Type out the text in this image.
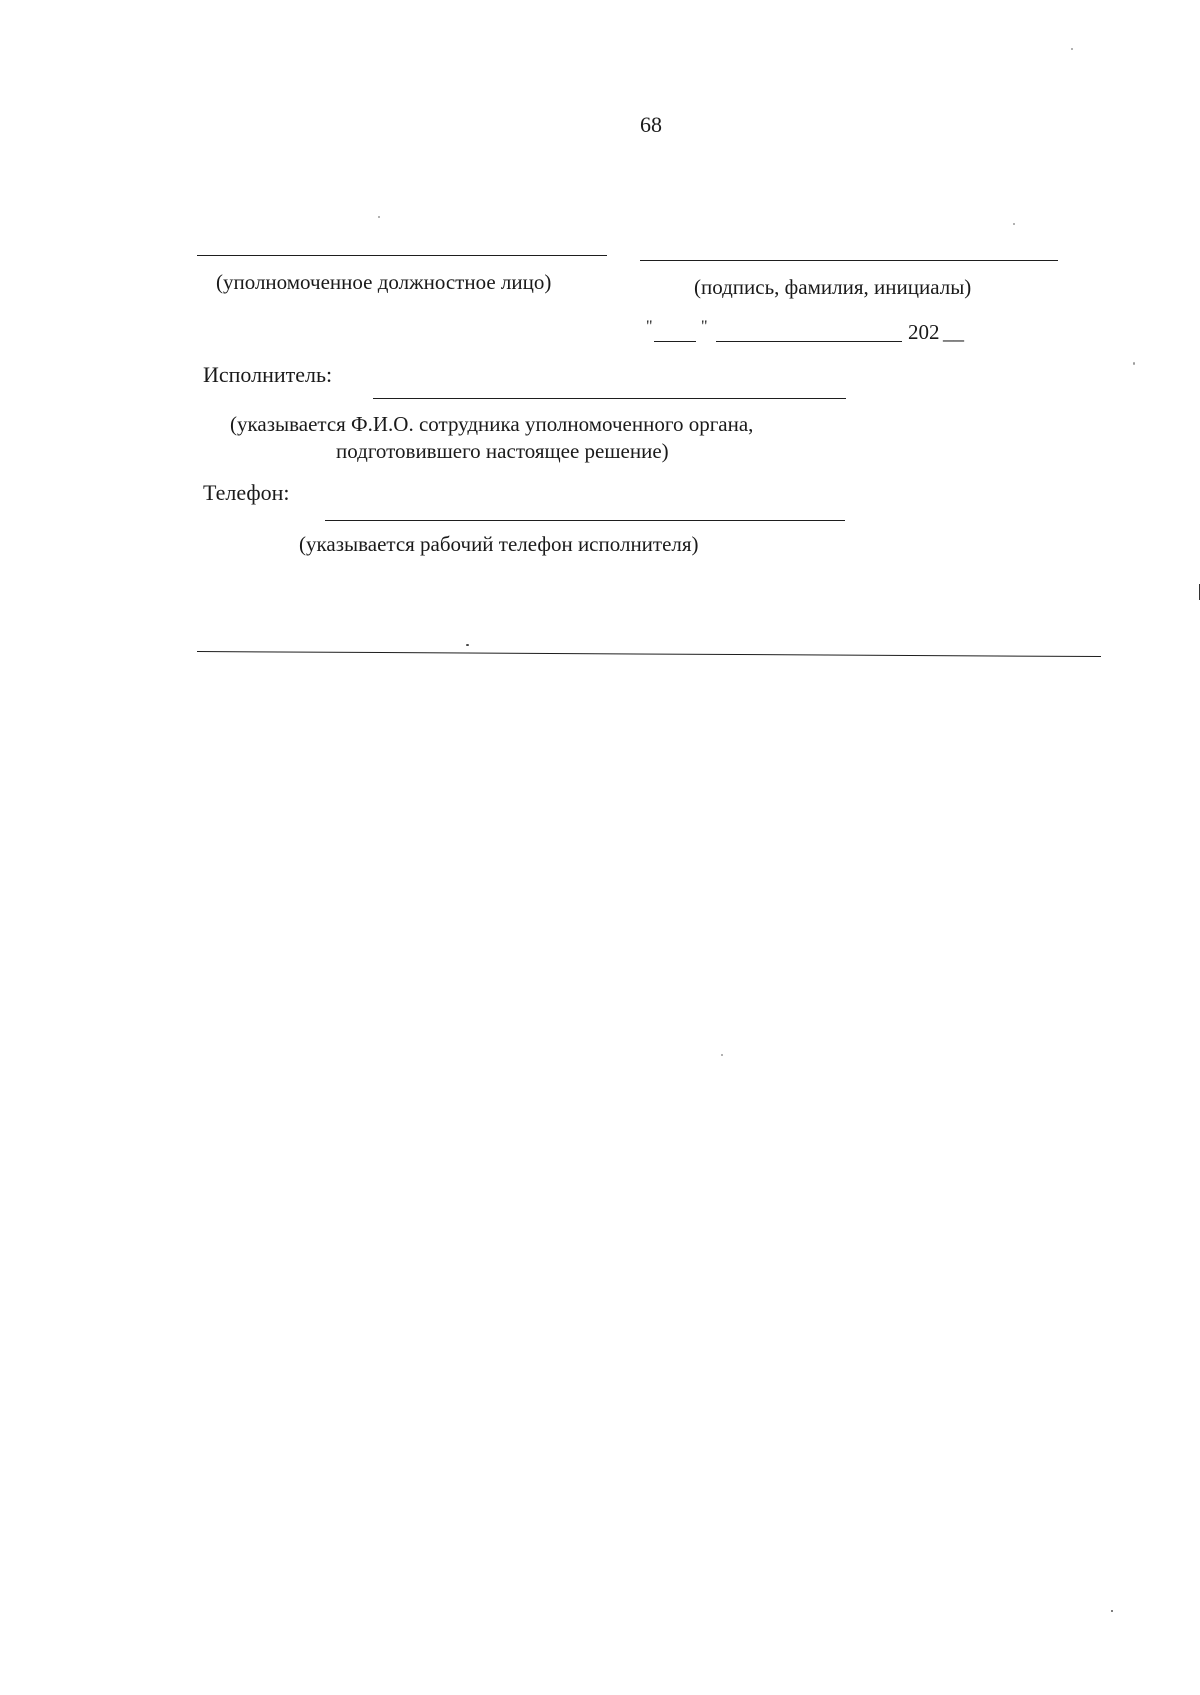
68
(уполномоченное должностное лицо)	(подпись, фамилия, инициалы)
"	"	202 __
Исполнитель:
(указывается Ф.И.О. сотрудника уполномоченного органа,
подготовившего настоящее решение)
Телефон:
(указывается рабочий телефон исполнителя)
